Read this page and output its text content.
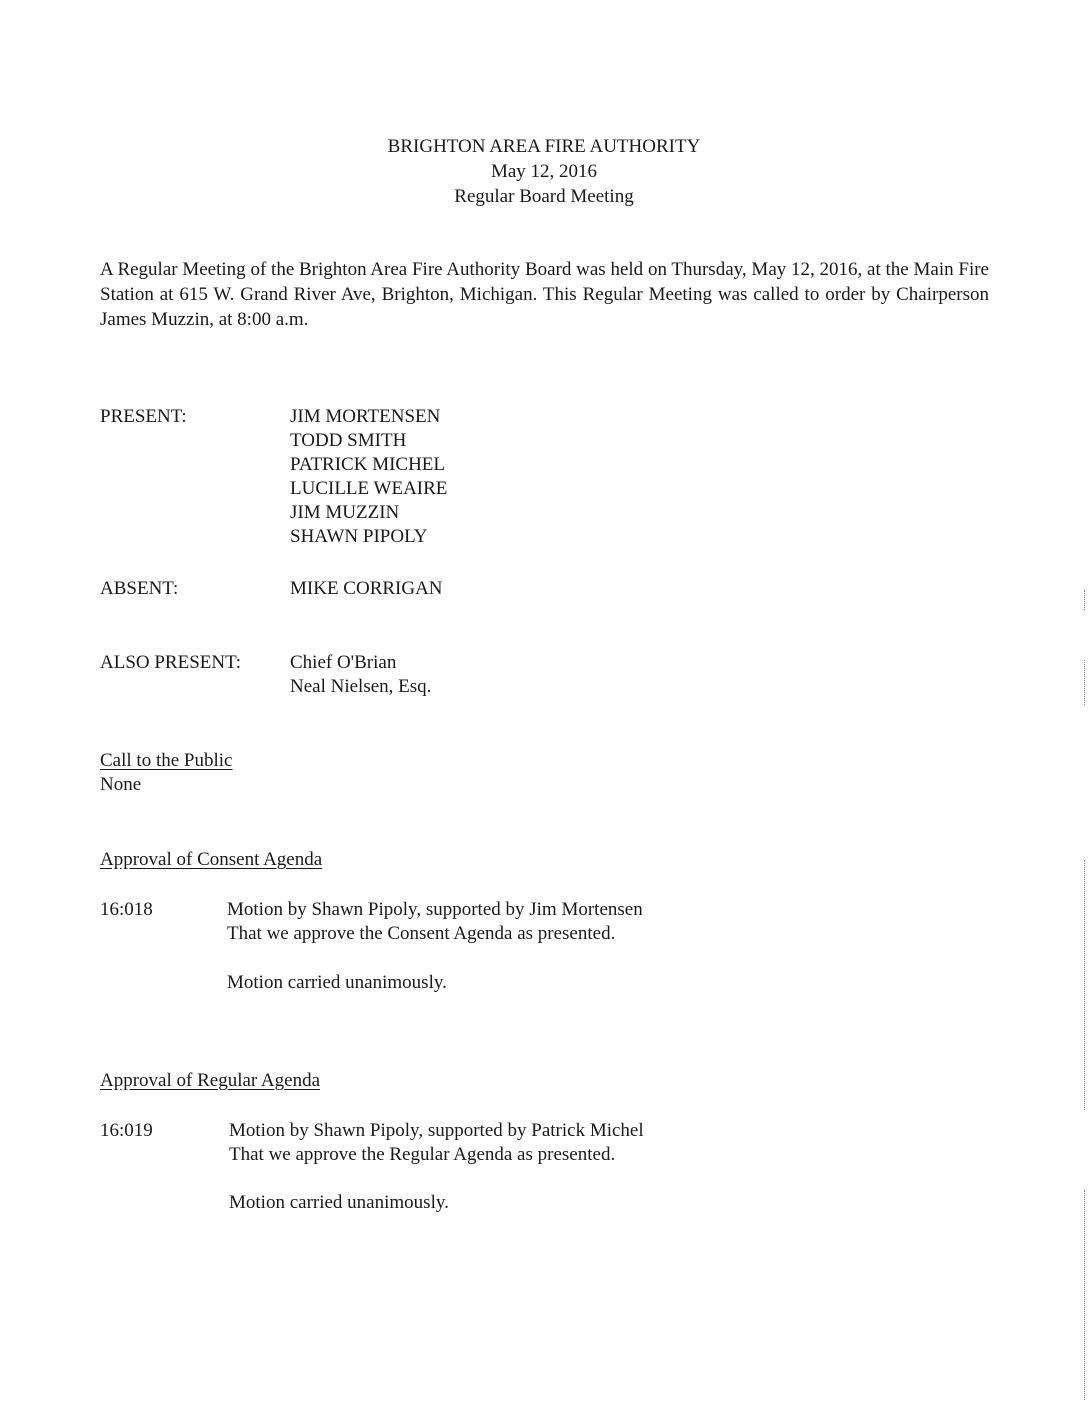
BRIGHTON AREA FIRE AUTHORITY
May 12, 2016
Regular Board Meeting
A Regular Meeting of the Brighton Area Fire Authority Board was held on Thursday, May 12, 2016, at the Main Fire Station at 615 W. Grand River Ave, Brighton, Michigan. This Regular Meeting was called to order by Chairperson James Muzzin, at 8:00 a.m.
PRESENT:	JIM MORTENSEN
TODD SMITH
PATRICK MICHEL
LUCILLE WEAIRE
JIM MUZZIN
SHAWN PIPOLY
ABSENT:	MIKE CORRIGAN
ALSO PRESENT:	Chief O'Brian
Neal Nielsen, Esq.
Call to the Public
None
Approval of Consent Agenda
16:018	Motion by Shawn Pipoly, supported by Jim Mortensen
That we approve the Consent Agenda as presented.
Motion carried unanimously.
Approval of Regular Agenda
16:019	Motion by Shawn Pipoly, supported by Patrick Michel
That we approve the Regular Agenda as presented.
Motion carried unanimously.
